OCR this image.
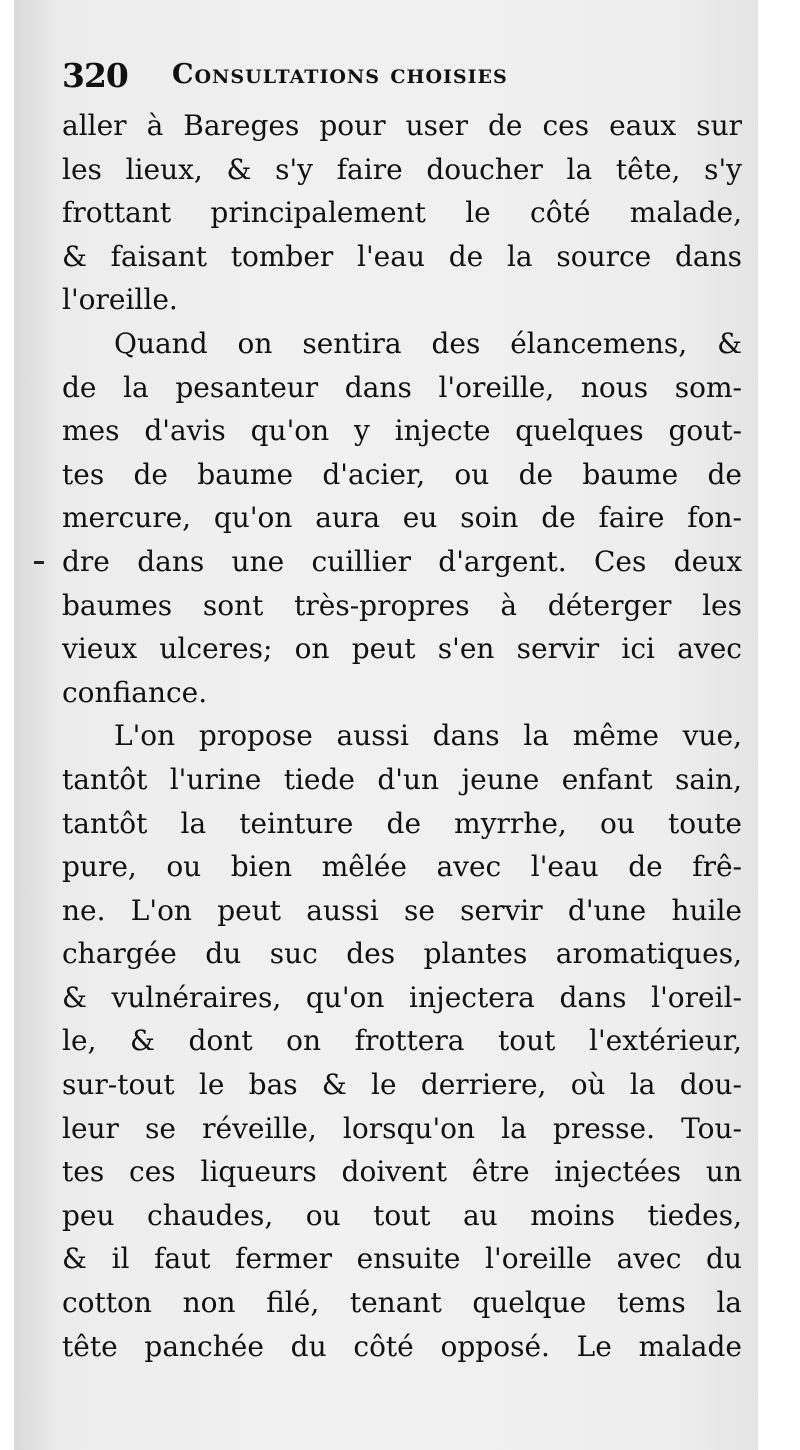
320 Consultations choisies
aller à Bareges pour user de ces eaux sur
les lieux, & s'y faire doucher la tête, s'y
frottant principalement le côté malade,
& faisant tomber l'eau de la source dans
l'oreille.
Quand on sentira des élancemens, &
de la pesanteur dans l'oreille, nous som-
mes d'avis qu'on y injecte quelques gout-
tes de baume d'acier, ou de baume de
mercure, qu'on aura eu soin de faire fon-
dre dans une cuillier d'argent. Ces deux
baumes sont très-propres à déterger les
vieux ulceres; on peut s'en servir ici avec
confiance.
L'on propose aussi dans la même vue,
tantôt l'urine tiede d'un jeune enfant sain,
tantôt la teinture de myrrhe, ou toute
pure, ou bien mêlée avec l'eau de frê-
ne. L'on peut aussi se servir d'une huile
chargée du suc des plantes aromatiques,
& vulnéraires, qu'on injectera dans l'oreil-
le, & dont on frottera tout l'extérieur,
sur-tout le bas & le derriere, où la dou-
leur se réveille, lorsqu'on la presse. Tou-
tes ces liqueurs doivent être injectées un
peu chaudes, ou tout au moins tiedes,
& il faut fermer ensuite l'oreille avec du
cotton non filé, tenant quelque tems la
tête panchée du côté opposé. Le malade
